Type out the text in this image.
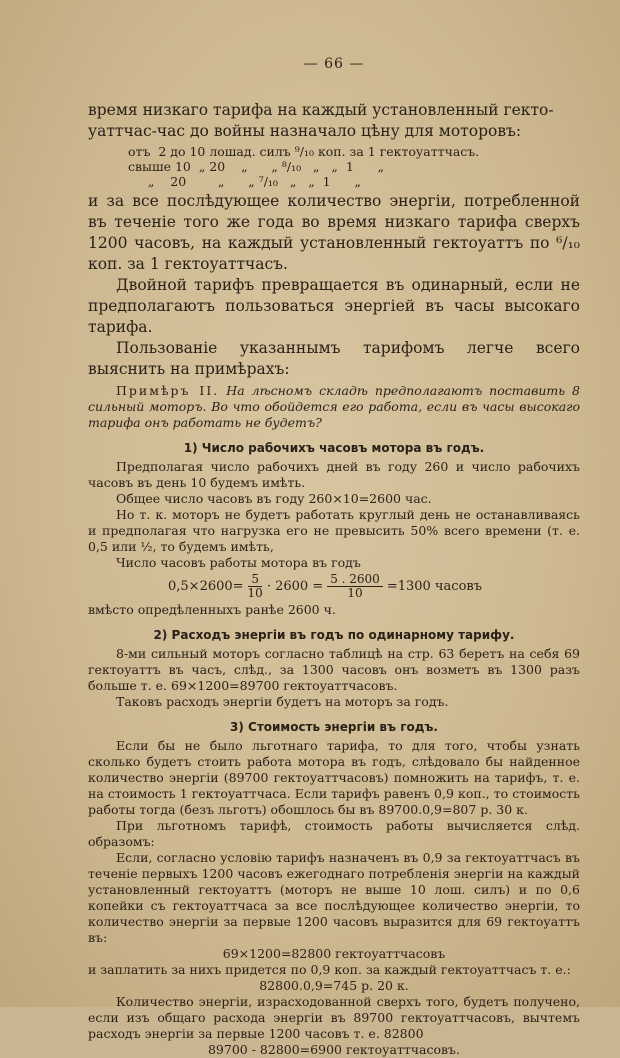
— 66 —

время низкаго тарифа на каждый установленный гекто-

уаттчас-час до войны назначало цѣну для моторовъ:

отъ  2 до 10 лошад. силъ ⁹/₁₀ коп. за 1 гектоуаттчасъ.
свыше 10  „ 20    „      „ ⁸/₁₀   „   „  1      „
„    20        „      „ ⁷/₁₀   „   „  1      „

и за все послѣдующее количество энергіи, потребленной въ теченіе того же года во время низкаго тарифа сверхъ 1200 часовъ, на каждый установленный гектоуаттъ по ⁶/₁₀ коп. за 1 гектоуаттчасъ.

Двойной тарифъ превращается въ одинарный, если не предполагаютъ пользоваться энергіей въ часы высокаго тарифа.

Пользованіе указаннымъ тарифомъ легче всего выяснить на примѣрахъ:

Примѣръ II. На лѣсномъ складѣ предполагаютъ поставить 8 сильный моторъ. Во что обойдется его работа, если въ часы высокаго тарифа онъ работать не будетъ?

1) Число рабочихъ часовъ мотора въ годъ.

Предполагая число рабочихъ дней въ году 260 и число рабочихъ часовъ въ день 10 будемъ имѣть.

Общее число часовъ въ году 260×10=2600 час.

Но т. к. моторъ не будетъ работать круглый день не останавливаясь и предполагая что нагрузка его не превысить 50% всего времени (т. е. 0,5 или ½, то будемъ имѣть,

Число часовъ работы мотора въ годъ

$0,5\times 2600= \frac{5}{10} \cdot 2600 = \frac{5 . 2600}{10} =1300$ часовъ

вмѣсто опредѣленныхъ ранѣе 2600 ч.

2) Расходъ энергіи въ годъ по одинарному тарифу.

8-ми сильный моторъ согласно таблицѣ на стр. 63 беретъ на себя 69 гектоуаттъ въ часъ, слѣд., за 1300 часовъ онъ возметъ въ 1300 разъ больше т. е. 69×1200=89700 гектоуаттчасовъ.

Таковъ расходъ энергіи будетъ на моторъ за годъ.

3) Стоимость энергіи въ годъ.

Если бы не было льготнаго тарифа, то для того, чтобы узнать сколько будетъ стоить работа мотора въ годъ, слѣдовало бы найденное количество энергіи (89700 гектоуаттчасовъ) помножить на тарифъ, т. е. на стоимость 1 гектоуаттчаса. Если тарифъ равенъ 0,9 коп., то стоимость работы тогда (безъ льготъ) обошлось бы въ 89700.0,9=807 р. 30 к.

При льготномъ тарифѣ, стоимость работы вычисляется слѣд. образомъ:

Если, согласно условію тарифъ назначенъ въ 0,9 за гектоуаттчасъ въ теченіе первыхъ 1200 часовъ ежегоднаго потребленія энергіи на каждый установленный гектоуаттъ (моторъ не выше 10 лош. силъ) и по 0,6 копейки съ гектоуаттчаса за все послѣдующее количество энергіи, то количество энергіи за первые 1200 часовъ выразится для 69 гектоуаттъ въ:

69×1200=82800 гектоуаттчасовъ

и заплатить за нихъ придется по 0,9 коп. за каждый гектоуаттчасъ т. е.:

82800.0,9=745 р. 20 к.

Количество энергіи, израсходованной сверхъ того, будетъ получено, если изъ общаго расхода энергіи въ 89700 гектоуаттчасовъ, вычтемъ расходъ энергіи за первые 1200 часовъ т. е. 82800

89700 - 82800=6900 гектоуаттчасовъ.
